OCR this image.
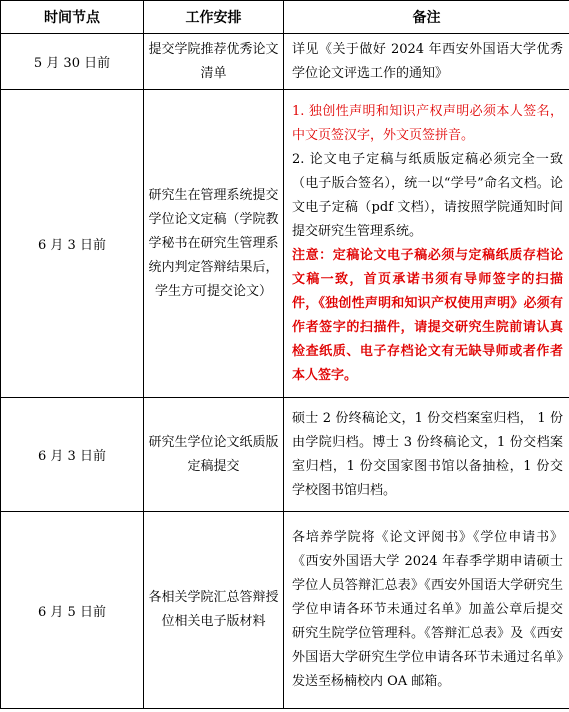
时间节点	工作安排	备注
5 月 30 日前	提交学院推荐优秀论文清单	详见《关于做好 2024 年西安外国语大学优秀学位论文评选工作的通知》
6 月 3 日前	研究生在管理系统提交学位论文定稿（学院教学秘书在研究生管理系统内判定答辩结果后，学生方可提交论文）	1. 独创性声明和知识产权声明必须本人签名，中文页签汉字，外文页签拼音。

2. 论文电子定稿与纸质版定稿必须完全一致（电子版合签名），统一以“学号”命名文档。论文电子定稿（pdf 文档），请按照学院通知时间提交研究生管理系统。

注意：定稿论文电子稿必须与定稿纸质存档论文稿一致，首页承诺书须有导师签字的扫描件，《独创性声明和知识产权使用声明》必须有作者签字的扫描件，请提交研究生院前请认真检查纸质、电子存档论文有无缺导师或者作者本人签字。

6 月 3 日前	研究生学位论文纸质版定稿提交	硕士 2 份终稿论文，1 份交档案室归档， 1 份由学院归档。博士 3 份终稿论文，1 份交档案室归档，1 份交国家图书馆以备抽检，1 份交学校图书馆归档。
6 月 5 日前	各相关学院汇总答辩授位相关电子版材料	各培养学院将《论文评阅书》《学位申请书》《西安外国语大学 2024 年春季学期申请硕士学位人员答辩汇总表》《西安外国语大学研究生学位申请各环节未通过名单》加盖公章后提交研究生院学位管理科。《答辩汇总表》及《西安外国语大学研究生学位申请各环节未通过名单》发送至杨楠校内 OA 邮箱。
